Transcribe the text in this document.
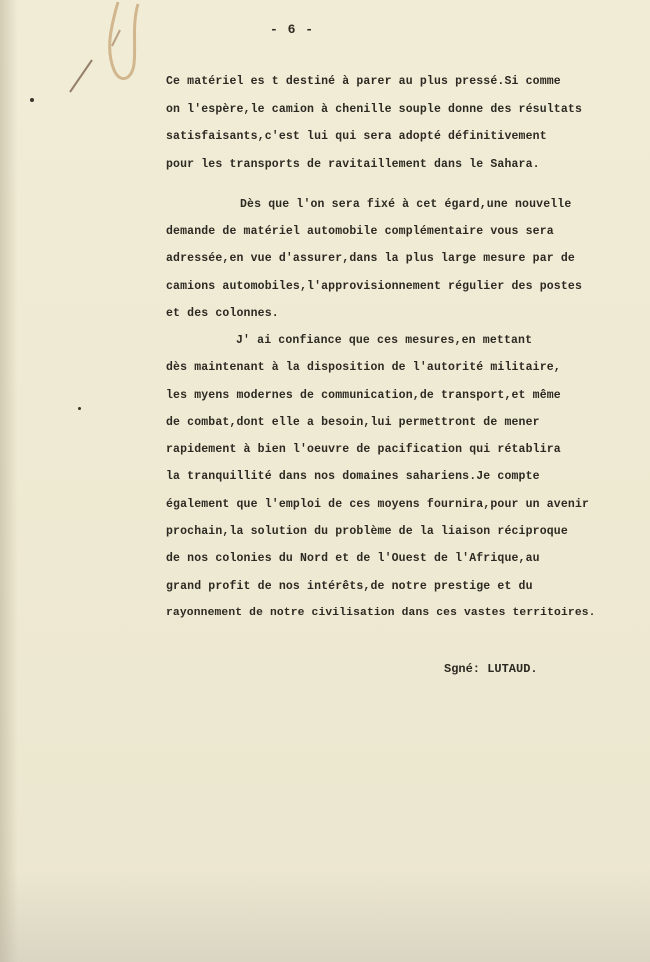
- 6 -
Ce matériel es t destiné à parer au plus pressé.Si comme
on l'espère,le camion à chenille souple donne des résultats
satisfaisants,c'est lui qui sera adopté définitivement
pour les transports de ravitaillement dans le Sahara.
Dès que l'on sera fixé à cet égard,une nouvelle
demande de matériel automobile complémentaire vous sera
adressée,en vue d'assurer,dans la plus large mesure par de
camions automobiles,l'approvisionnement régulier des postes
et des colonnes.
J' ai confiance que ces mesures,en mettant
dès maintenant à la disposition de l'autorité militaire,
les myens modernes de communication,de transport,et même
de combat,dont elle a besoin,lui permettront de mener
rapidement à bien l'oeuvre de pacification qui rétablira
la tranquillité dans nos domaines sahariens.Je compte
également que l'emploi de ces moyens fournira,pour un avenir
prochain,la solution du problème de la liaison réciproque
de nos colonies du Nord et de l'Ouest de l'Afrique,au
grand profit de nos intérêts,de notre prestige et du
rayonnement de notre civilisation dans ces vastes territoires.
Sgné: LUTAUD.
